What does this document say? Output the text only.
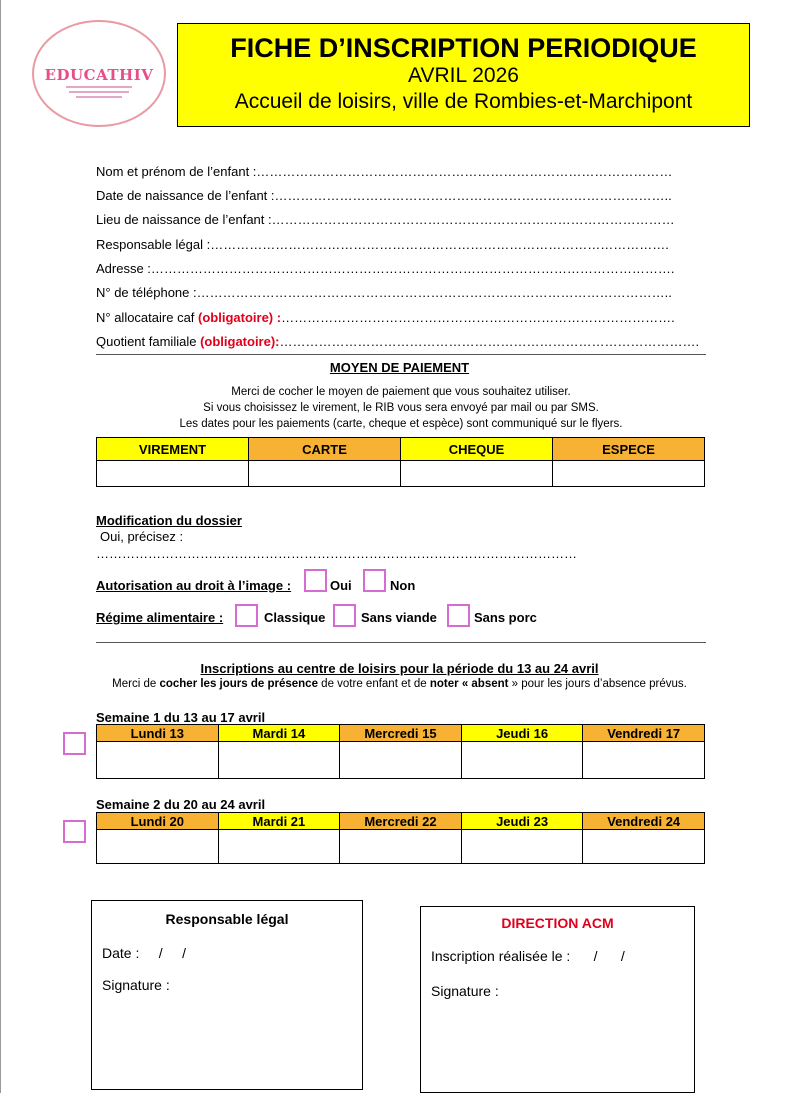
EDUCATHIV
FICHE D’INSCRIPTION PERIODIQUE
AVRIL 2026
Accueil de loisirs, ville de Rombies-et-Marchipont
Nom et prénom de l’enfant :……………………………………………………………………………………
Date de naissance de l’enfant :………………………………………………………………………………..
Lieu de naissance de l’enfant :…………………………………………………………………………………
Responsable légal :…………………………………………………………………………………………….
Adresse :………………………………………………………………………………………………………….
N° de téléphone :………………………………………………………………………………………………..
N° allocataire caf (obligatoire) :……………………………………………………………………………….
Quotient familiale (obligatoire):…………………………………………………………………………………….
MOYEN DE PAIEMENT
Merci de cocher le moyen de paiement que vous souhaitez utiliser.
Si vous choisissez le virement, le RIB vous sera envoyé par mail ou par SMS.
Les dates pour les paiements (carte, cheque et espèce) sont communiqué sur le flyers.
VIREMENT	CARTE	CHEQUE	ESPECE

Modification du dossier
Oui, précisez :
…………………………………………………………………………………………………
Autorisation au droit à l’image :	Oui	Non
Régime alimentaire :	Classique	Sans viande	Sans porc
Inscriptions au centre de loisirs pour la période du 13 au 24 avril
Merci de cocher les jours de présence de votre enfant et de noter « absent » pour les jours d’absence prévus.
Semaine 1 du 13 au 17 avril
Lundi 13	Mardi 14	Mercredi 15	Jeudi 16	Vendredi 17

Semaine 2 du 20 au 24 avril
Lundi 20	Mardi 21	Mercredi 22	Jeudi 23	Vendredi 24

Responsable légal
Date :     /     /
Signature :
DIRECTION ACM
Inscription réalisée le :      /      /
Signature :
